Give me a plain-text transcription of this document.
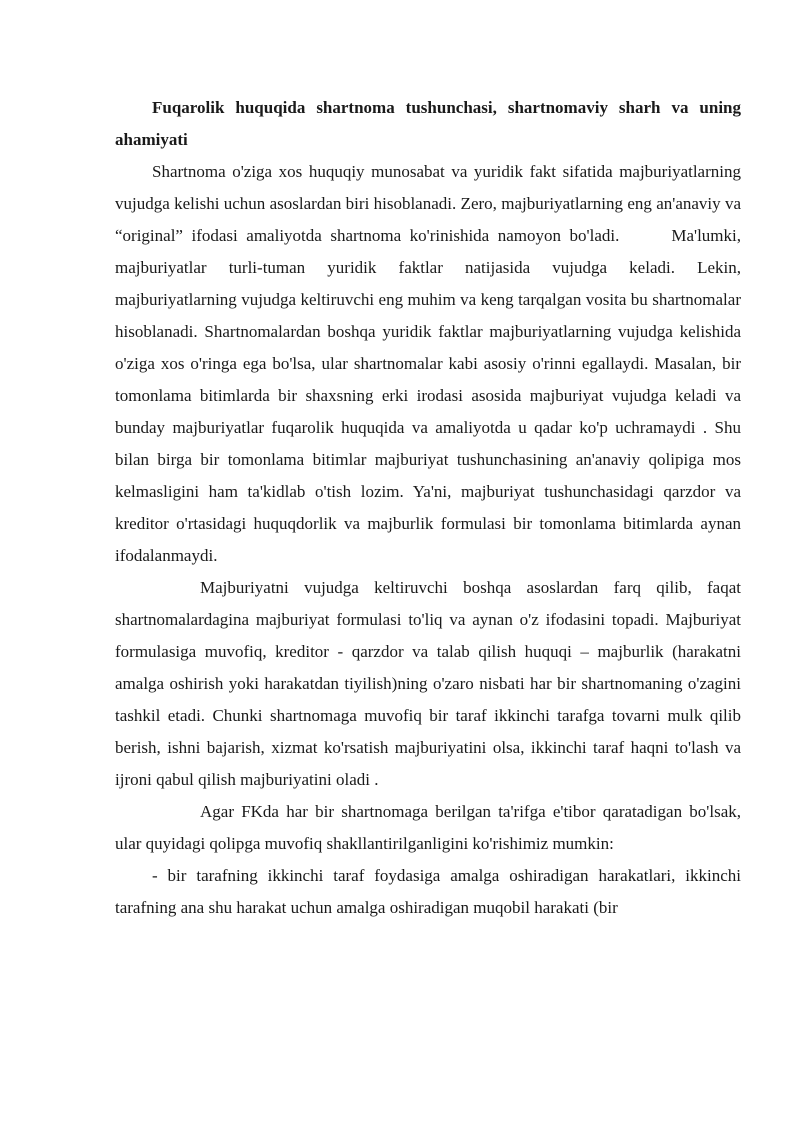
Fuqarolik huquqida shartnoma tushunchasi, shartnomaviy sharh va uning ahamiyati

Shartnoma o'ziga xos huquqiy munosabat va yuridik fakt sifatida majburiyatlarning vujudga kelishi uchun asoslardan biri hisoblanadi. Zero, majburiyatlarning eng an'anaviy va “original” ifodasi amaliyotda shartnoma ko'rinishida namoyon bo'ladi.	Ma'lumki, majburiyatlar turli-tuman yuridik faktlar natijasida vujudga keladi. Lekin, majburiyatlarning vujudga keltiruvchi eng muhim va keng tarqalgan vosita bu shartnomalar hisoblanadi. Shartnomalardan boshqa yuridik faktlar majburiyatlarning vujudga kelishida o'ziga xos o'ringa ega bo'lsa, ular shartnomalar kabi asosiy o'rinni egallaydi. Masalan, bir tomonlama bitimlarda bir shaxsning erki irodasi asosida majburiyat vujudga keladi va bunday majburiyatlar fuqarolik huquqida va amaliyotda u qadar ko'p uchramaydi . Shu bilan birga bir tomonlama bitimlar majburiyat tushunchasining an'anaviy qolipiga mos kelmasligini ham ta'kidlab o'tish lozim. Ya'ni, majburiyat tushunchasidagi qarzdor va kreditor o'rtasidagi huquqdorlik va majburlik formulasi bir tomonlama bitimlarda aynan ifodalanmaydi.

Majburiyatni vujudga keltiruvchi boshqa asoslardan farq qilib, faqat shartnomalardagina majburiyat formulasi to'liq va aynan o'z ifodasini topadi. Majburiyat formulasiga muvofiq, kreditor - qarzdor va talab qilish huquqi – majburlik (harakatni amalga oshirish yoki harakatdan tiyilish)ning o'zaro nisbati har bir shartnomaning o'zagini tashkil etadi. Chunki shartnomaga muvofiq bir taraf ikkinchi tarafga tovarni mulk qilib berish, ishni bajarish, xizmat ko'rsatish majburiyatini olsa, ikkinchi taraf haqni to'lash va ijroni qabul qilish majburiyatini oladi .

Agar FKda har bir shartnomaga berilgan ta'rifga e'tibor qaratadigan bo'lsak, ular quyidagi qolipga muvofiq shakllantirilganligini ko'rishimiz mumkin:

- bir tarafning ikkinchi taraf foydasiga amalga oshiradigan harakatlari, ikkinchi tarafning ana shu harakat uchun amalga oshiradigan muqobil harakati (bir
